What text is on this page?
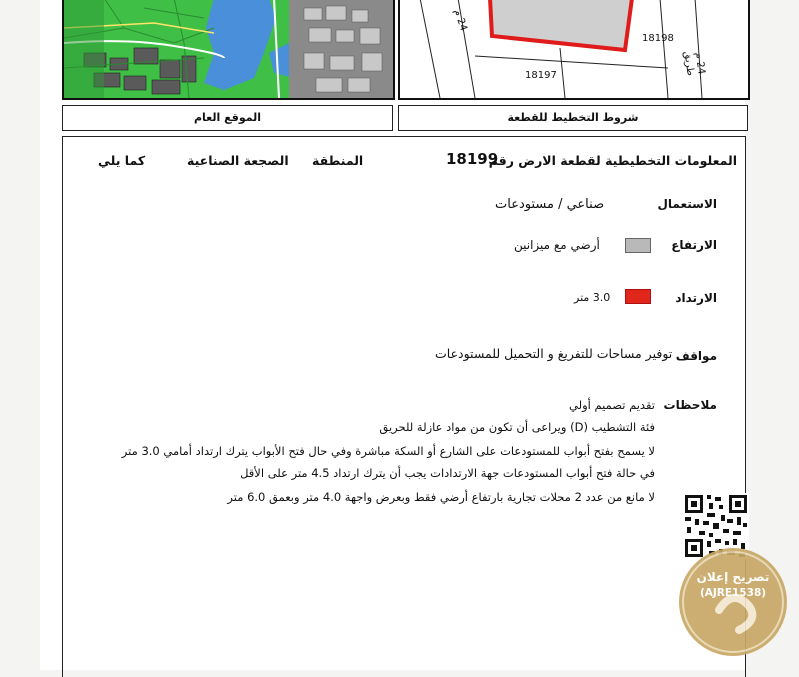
الموقع العام
18198
18197
24 م
24 م طريق
شروط التخطيط للقطعة
المعلومات التخطيطية لقطعة الارض رقم
18199
المنطقة
الصجعة الصناعية
كما يلي
الاستعمال
صناعي / مستودعات
الارتفاع
أرضي مع ميزانين
الارتداد
3.0 متر
مواقف
توفير مساحات للتفريغ و التحميل للمستودعات
ملاحظات
تقديم تصميم أولي
فئة التشطيب (D) ويراعى أن تكون من مواد عازلة للحريق
لا يسمح بفتح أبواب للمستودعات على الشارع أو السكة مباشرة وفي حال فتح الأبواب يترك ارتداد أمامي 3.0 متر
في حالة فتح أبواب المستودعات جهة الارتدادات يجب أن يترك ارتداد 4.5 متر على الأقل
لا مانع من عدد 2 محلات تجارية بارتفاع أرضي فقط وبعرض واجهة 4.0 متر وبعمق 6.0 متر
تصريح إعلان
(AJRE1538)
